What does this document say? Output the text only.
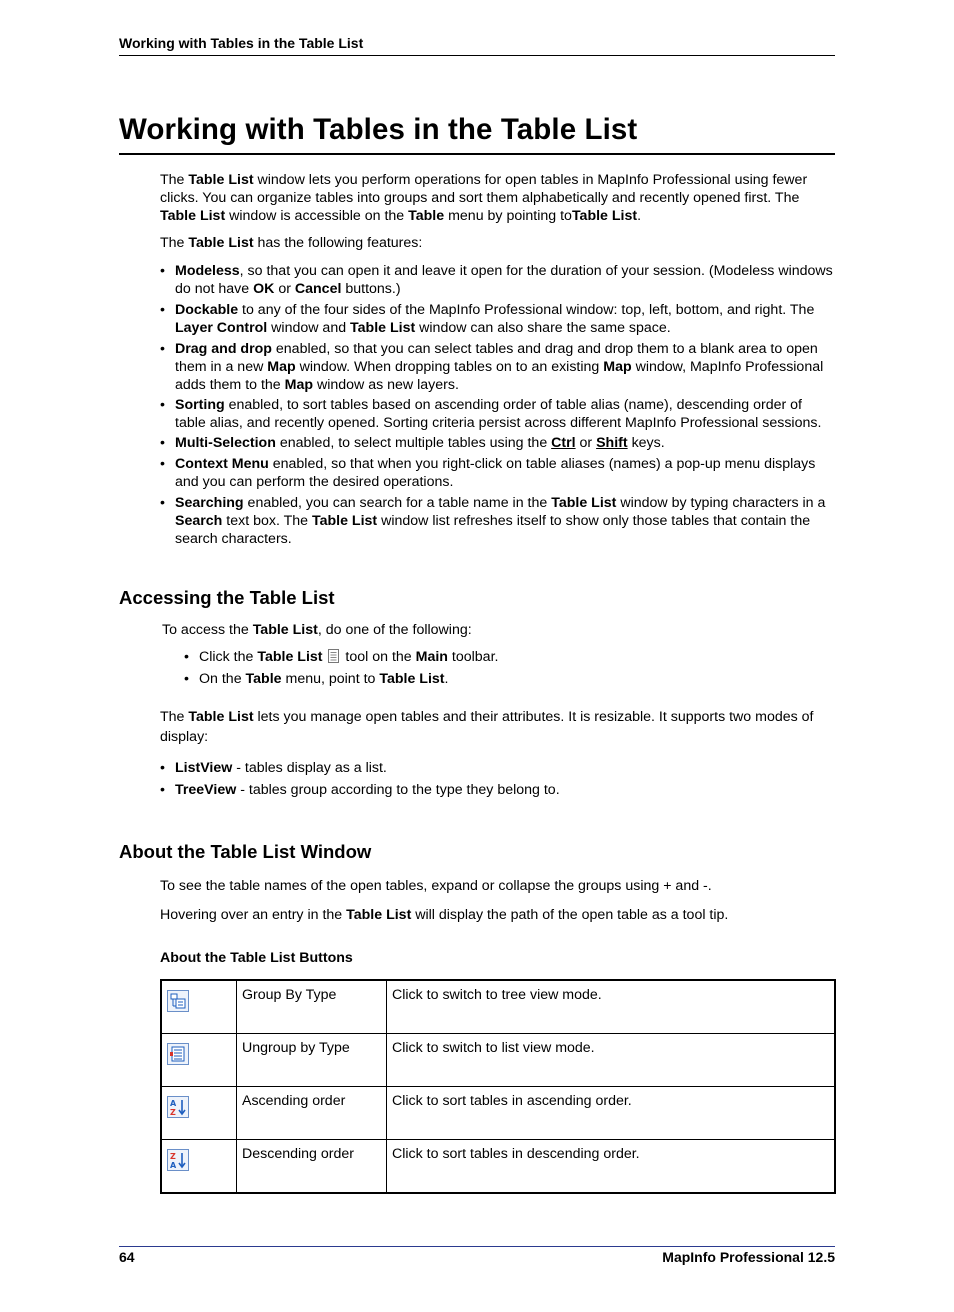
Working with Tables in the Table List
Working with Tables in the Table List

The Table List window lets you perform operations for open tables in MapInfo Professional using fewer clicks. You can organize tables into groups and sort them alphabetically and recently opened first. The Table List window is accessible on the Table menu by pointing toTable List.

The Table List has the following features:

• Modeless, so that you can open it and leave it open for the duration of your session. (Modeless windows do not have OK or Cancel buttons.)
• Dockable to any of the four sides of the MapInfo Professional window: top, left, bottom, and right. The Layer Control window and Table List window can also share the same space.
• Drag and drop enabled, so that you can select tables and drag and drop them to a blank area to open them in a new Map window. When dropping tables on to an existing Map window, MapInfo Professional adds them to the Map window as new layers.
• Sorting enabled, to sort tables based on ascending order of table alias (name), descending order of table alias, and recently opened. Sorting criteria persist across different MapInfo Professional sessions.
• Multi-Selection enabled, to select multiple tables using the Ctrl or Shift keys.
• Context Menu enabled, so that when you right-click on table aliases (names) a pop-up menu displays and you can perform the desired operations.
• Searching enabled, you can search for a table name in the Table List window by typing characters in a Search text box. The Table List window list refreshes itself to show only those tables that contain the search characters.
Accessing the Table List

To access the Table List, do one of the following:

• Click the Table List tool on the Main toolbar.
• On the Table menu, point to Table List.

The Table List lets you manage open tables and their attributes. It is resizable. It supports two modes of display:

• ListView - tables display as a list.
• TreeView - tables group according to the type they belong to.
About the Table List Window

To see the table names of the open tables, expand or collapse the groups using + and -.

Hovering over an entry in the Table List will display the path of the open table as a tool tip.

About the Table List Buttons
	Group By Type	Click to switch to tree view mode.

	Ungroup by Type	Click to switch to list view mode.

A
Z	Ascending order	Click to sort tables in ascending order.

Z
A	Descending order	Click to sort tables in descending order.
64	MapInfo Professional 12.5
